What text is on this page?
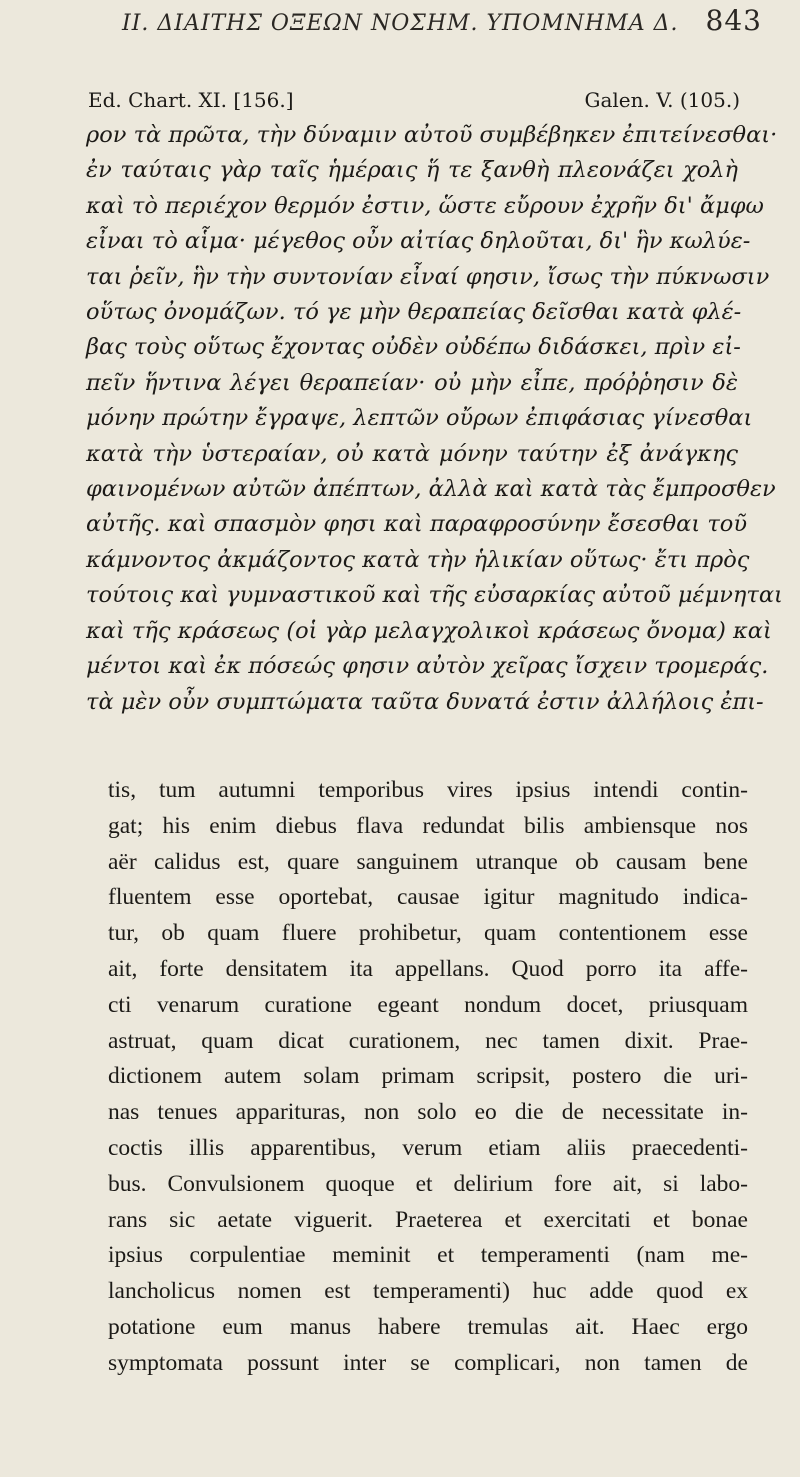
II. ΔΙΑΙΤΗΣ ΟΞΕΩΝ ΝΟΣΗΜ. ΥΠΟΜΝΗΜΑ Δ. 843
Ed. Chart. XI. [156.]	Galen. V. (105.)

ρον τὰ πρῶτα, τὴν δύναμιν αὐτοῦ συμβέβηκεν ἐπιτείνεσθαι·

ἐν ταύταις γὰρ ταῖς ἡμέραις ἥ τε ξανθὴ πλεονάζει χολὴ

καὶ τὸ περιέχον θερμόν ἐστιν, ὥστε εὔρουν ἐχρῆν δι' ἄμφω

εἶναι τὸ αἷμα· μέγεθος οὖν αἰτίας δηλοῦται, δι' ἣν κωλύε-

ται ῥεῖν, ἣν τὴν συντονίαν εἶναί φησιν, ἴσως τὴν πύκνωσιν

οὕτως ὀνομάζων. τό γε μὴν θεραπείας δεῖσθαι κατὰ φλέ-

βας τοὺς οὕτως ἔχοντας οὐδὲν οὐδέπω διδάσκει, πρὶν εἰ-

πεῖν ἥντινα λέγει θεραπείαν· οὐ μὴν εἶπε, πρόῤῥησιν δὲ

μόνην πρώτην ἔγραψε, λεπτῶν οὔρων ἐπιφάσιας γίνεσθαι

κατὰ τὴν ὑστεραίαν, οὐ κατὰ μόνην ταύτην ἐξ ἀνάγκης

φαινομένων αὐτῶν ἀπέπτων, ἀλλὰ καὶ κατὰ τὰς ἔμπροσθεν

αὐτῆς. καὶ σπασμὸν φησι καὶ παραφροσύνην ἔσεσθαι τοῦ

κάμνοντος ἀκμάζοντος κατὰ τὴν ἡλικίαν οὕτως· ἔτι πρὸς

τούτοις καὶ γυμναστικοῦ καὶ τῆς εὐσαρκίας αὐτοῦ μέμνηται

καὶ τῆς κράσεως (οἱ γὰρ μελαγχολικοὶ κράσεως ὄνομα) καὶ

μέντοι καὶ ἐκ πόσεώς φησιν αὐτὸν χεῖρας ἴσχειν τρομεράς.

τὰ μὲν οὖν συμπτώματα ταῦτα δυνατά ἐστιν ἀλλήλοις ἐπι-

tis, tum autumni temporibus vires ipsius intendi contin-

gat; his enim diebus flava redundat bilis ambiensque nos

aër calidus est, quare sanguinem utranque ob causam bene

fluentem esse oportebat, causae igitur magnitudo indica-

tur, ob quam fluere prohibetur, quam contentionem esse

ait, forte densitatem ita appellans. Quod porro ita affe-

cti venarum curatione egeant nondum docet, priusquam

astruat, quam dicat curationem, nec tamen dixit. Prae-

dictionem autem solam primam scripsit, postero die uri-

nas tenues apparituras, non solo eo die de necessitate in-

coctis illis apparentibus, verum etiam aliis praecedenti-

bus. Convulsionem quoque et delirium fore ait, si labo-

rans sic aetate viguerit. Praeterea et exercitati et bonae

ipsius corpulentiae meminit et temperamenti (nam me-

lancholicus nomen est temperamenti) huc adde quod ex

potatione eum manus habere tremulas ait. Haec ergo

symptomata possunt inter se complicari, non tamen de
